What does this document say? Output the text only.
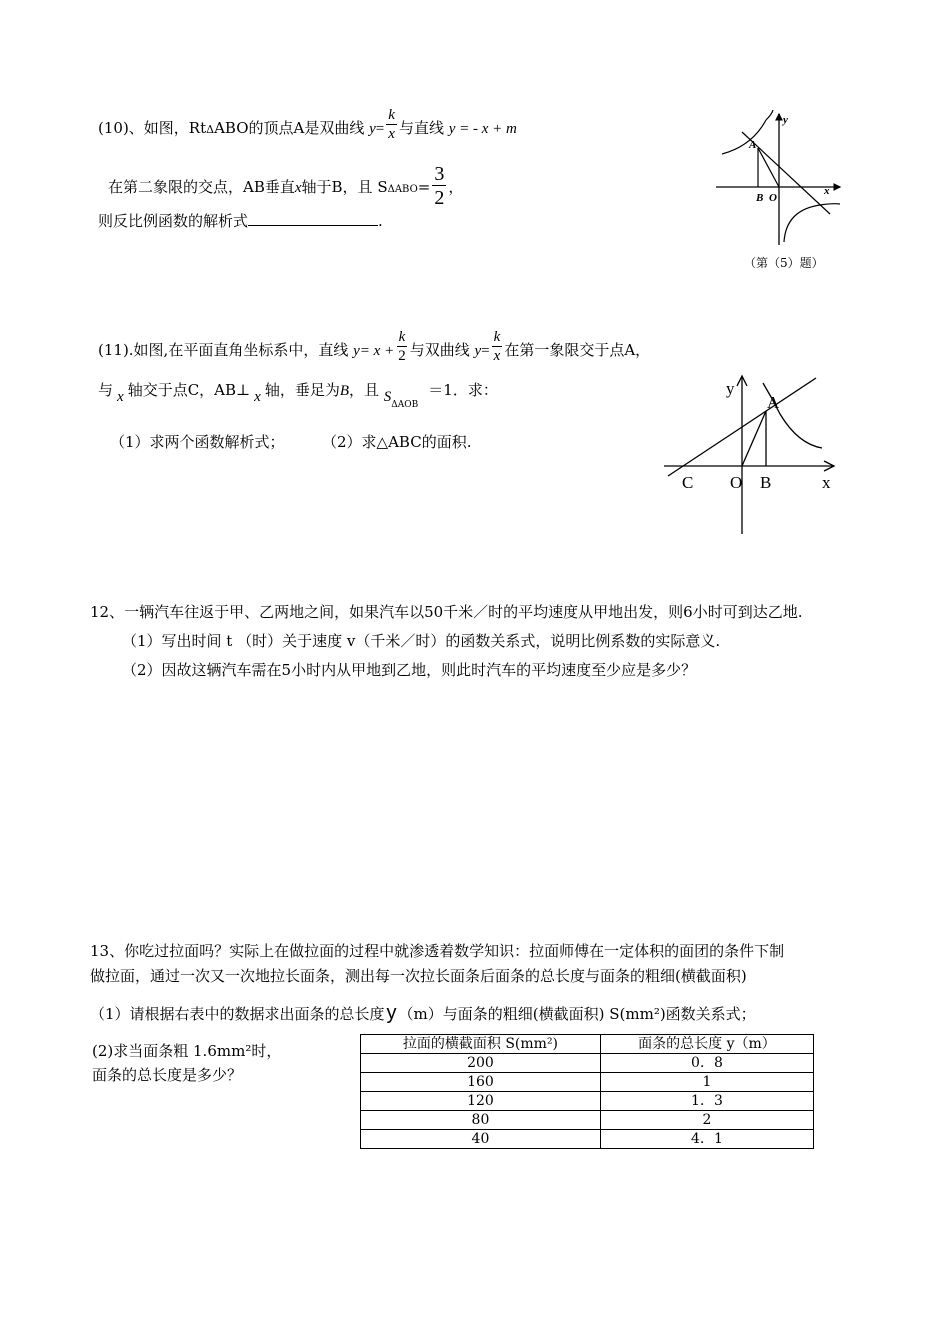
(10)、如图，RtΔABO的顶点A是双曲线 $y= \frac{k}{x}$ 与直线 y = - x + m
在第二象限的交点，AB垂直x轴于B，且 $S\Delta ABO= \frac{3}{2}$ ，
则反比例函数的解析式	.
A
B O
x
y
（第（5）题）
(11).如图,在平面直角坐标系中，直线 $y= x + \frac{k}{2}$ 与双曲线 $y= \frac{k}{x}$ 在第一象限交于点A，
与 x 轴交于点C，AB⊥ x 轴，垂足为B，且 $S_{\Delta AOB}=1$．求：
（1）求两个函数解析式； （2）求△ABC的面积.
y
A
C O B	x
12、一辆汽车往返于甲、乙两地之间，如果汽车以50千米／时的平均速度从甲地出发，则6小时可到达乙地.
（1）写出时间 t （时）关于速度 v（千米／时）的函数关系式，说明比例系数的实际意义.
（2）因故这辆汽车需在5小时内从甲地到乙地，则此时汽车的平均速度至少应是多少？
13、你吃过拉面吗？实际上在做拉面的过程中就渗透着数学知识：拉面师傅在一定体积的面团的条件下制
做拉面，通过一次又一次地拉长面条，测出每一次拉长面条后面条的总长度与面条的粗细(横截面积)
（1）请根据右表中的数据求出面条的总长度 y （m）与面条的粗细(横截面积) S(mm²)函数关系式；
(2)求当面条粗 1.6mm²时，
面条的总长度是多少？
拉面的横截面积 S(mm²)	面条的总长度 y（m）
200	0．8
160	1
120	1．3
80	2
40	4．1
